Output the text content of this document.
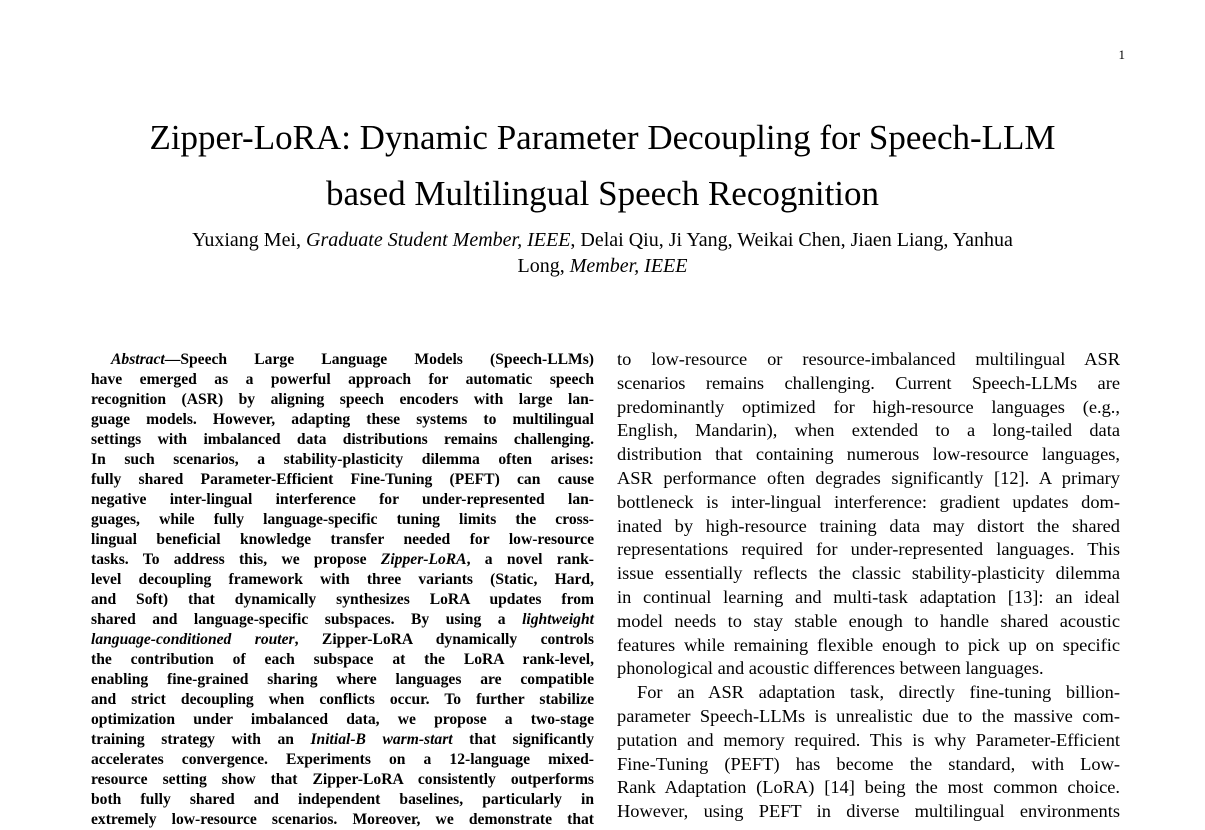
1
Zipper-LoRA: Dynamic Parameter Decoupling for Speech-LLM
based Multilingual Speech Recognition
Yuxiang Mei, Graduate Student Member, IEEE, Delai Qiu, Ji Yang, Weikai Chen, Jiaen Liang, Yanhua
Long, Member, IEEE
Abstract—Speech Large Language Models (Speech-LLMs)
have emerged as a powerful approach for automatic speech
recognition (ASR) by aligning speech encoders with large lan-
guage models. However, adapting these systems to multilingual
settings with imbalanced data distributions remains challenging.
In such scenarios, a stability-plasticity dilemma often arises:
fully shared Parameter-Efficient Fine-Tuning (PEFT) can cause
negative inter-lingual interference for under-represented lan-
guages, while fully language-specific tuning limits the cross-
lingual beneficial knowledge transfer needed for low-resource
tasks. To address this, we propose Zipper-LoRA, a novel rank-
level decoupling framework with three variants (Static, Hard,
and Soft) that dynamically synthesizes LoRA updates from
shared and language-specific subspaces. By using a lightweight
language-conditioned router, Zipper-LoRA dynamically controls
the contribution of each subspace at the LoRA rank-level,
enabling fine-grained sharing where languages are compatible
and strict decoupling when conflicts occur. To further stabilize
optimization under imbalanced data, we propose a two-stage
training strategy with an Initial-B warm-start that significantly
accelerates convergence. Experiments on a 12-language mixed-
resource setting show that Zipper-LoRA consistently outperforms
both fully shared and independent baselines, particularly in
extremely low-resource scenarios. Moreover, we demonstrate that
to low-resource or resource-imbalanced multilingual ASR
scenarios remains challenging. Current Speech-LLMs are
predominantly optimized for high-resource languages (e.g.,
English, Mandarin), when extended to a long-tailed data
distribution that containing numerous low-resource languages,
ASR performance often degrades significantly [12]. A primary
bottleneck is inter-lingual interference: gradient updates dom-
inated by high-resource training data may distort the shared
representations required for under-represented languages. This
issue essentially reflects the classic stability-plasticity dilemma
in continual learning and multi-task adaptation [13]: an ideal
model needs to stay stable enough to handle shared acoustic
features while remaining flexible enough to pick up on specific
phonological and acoustic differences between languages.
For an ASR adaptation task, directly fine-tuning billion-
parameter Speech-LLMs is unrealistic due to the massive com-
putation and memory required. This is why Parameter-Efficient
Fine-Tuning (PEFT) has become the standard, with Low-
Rank Adaptation (LoRA) [14] being the most common choice.
However, using PEFT in diverse multilingual environments
